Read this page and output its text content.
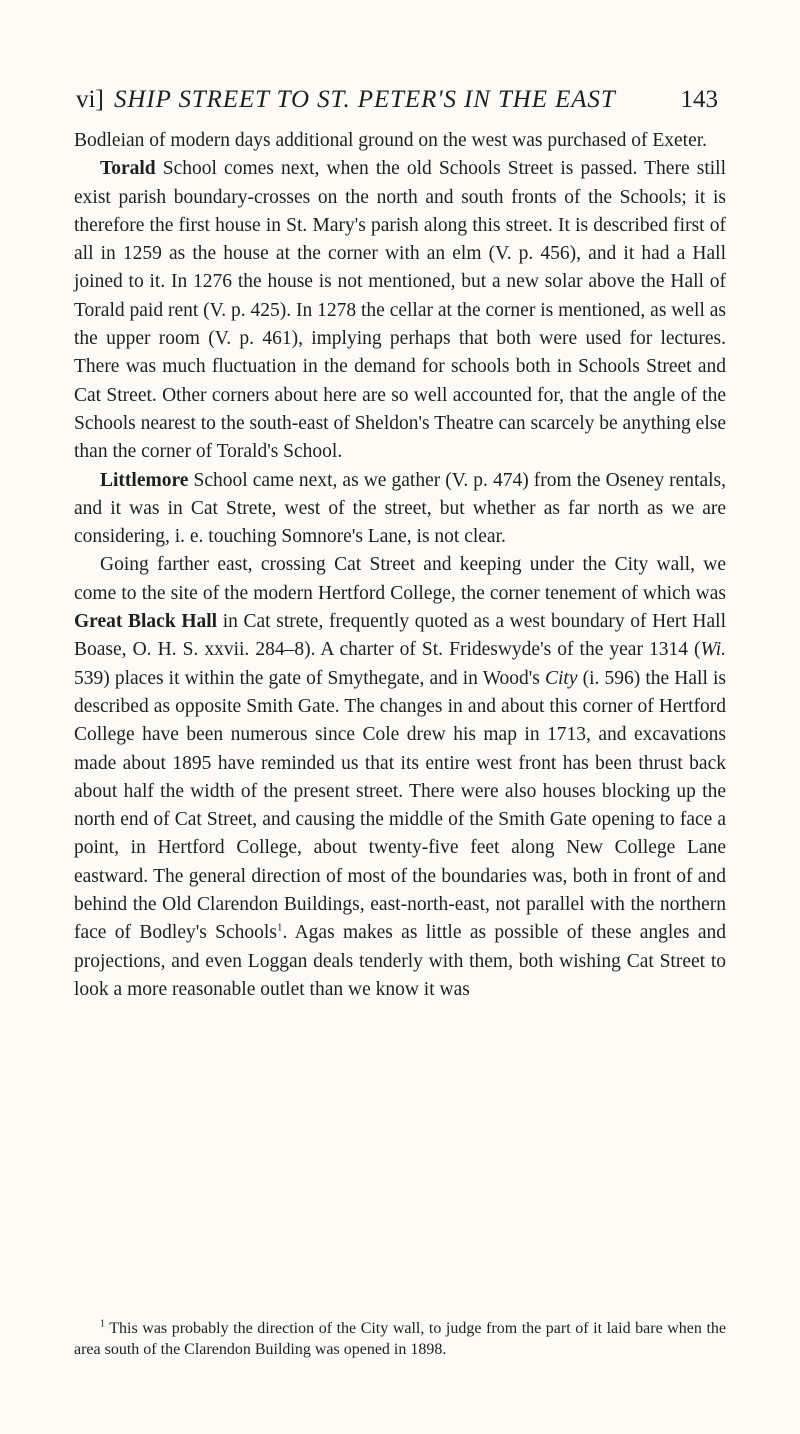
vi] SHIP STREET TO ST. PETER'S IN THE EAST	143

Bodleian of modern days additional ground on the west was purchased of Exeter.

Torald School comes next, when the old Schools Street is passed. There still exist parish boundary-crosses on the north and south fronts of the Schools; it is therefore the first house in St. Mary's parish along this street. It is described first of all in 1259 as the house at the corner with an elm (V. p. 456), and it had a Hall joined to it. In 1276 the house is not mentioned, but a new solar above the Hall of Torald paid rent (V. p. 425). In 1278 the cellar at the corner is mentioned, as well as the upper room (V. p. 461), implying perhaps that both were used for lectures. There was much fluctuation in the demand for schools both in Schools Street and Cat Street. Other corners about here are so well accounted for, that the angle of the Schools nearest to the south-east of Sheldon's Theatre can scarcely be anything else than the corner of Torald's School.

Littlemore School came next, as we gather (V. p. 474) from the Oseney rentals, and it was in Cat Strete, west of the street, but whether as far north as we are considering, i. e. touching Somnore's Lane, is not clear.

Going farther east, crossing Cat Street and keeping under the City wall, we come to the site of the modern Hertford College, the corner tenement of which was Great Black Hall in Cat strete, frequently quoted as a west boundary of Hert Hall Boase, O. H. S. xxvii. 284–8). A charter of St. Frideswyde's of the year 1314 (Wi. 539) places it within the gate of Smythegate, and in Wood's City (i. 596) the Hall is described as opposite Smith Gate. The changes in and about this corner of Hertford College have been numerous since Cole drew his map in 1713, and excavations made about 1895 have reminded us that its entire west front has been thrust back about half the width of the present street. There were also houses blocking up the north end of Cat Street, and causing the middle of the Smith Gate opening to face a point, in Hertford College, about twenty-five feet along New College Lane eastward. The general direction of most of the boundaries was, both in front of and behind the Old Clarendon Buildings, east-north-east, not parallel with the northern face of Bodley's Schools$^1$. Agas makes as little as possible of these angles and projections, and even Loggan deals tenderly with them, both wishing Cat Street to look a more reasonable outlet than we know it was

$^1$ This was probably the direction of the City wall, to judge from the part of it laid bare when the area south of the Clarendon Building was opened in 1898.
